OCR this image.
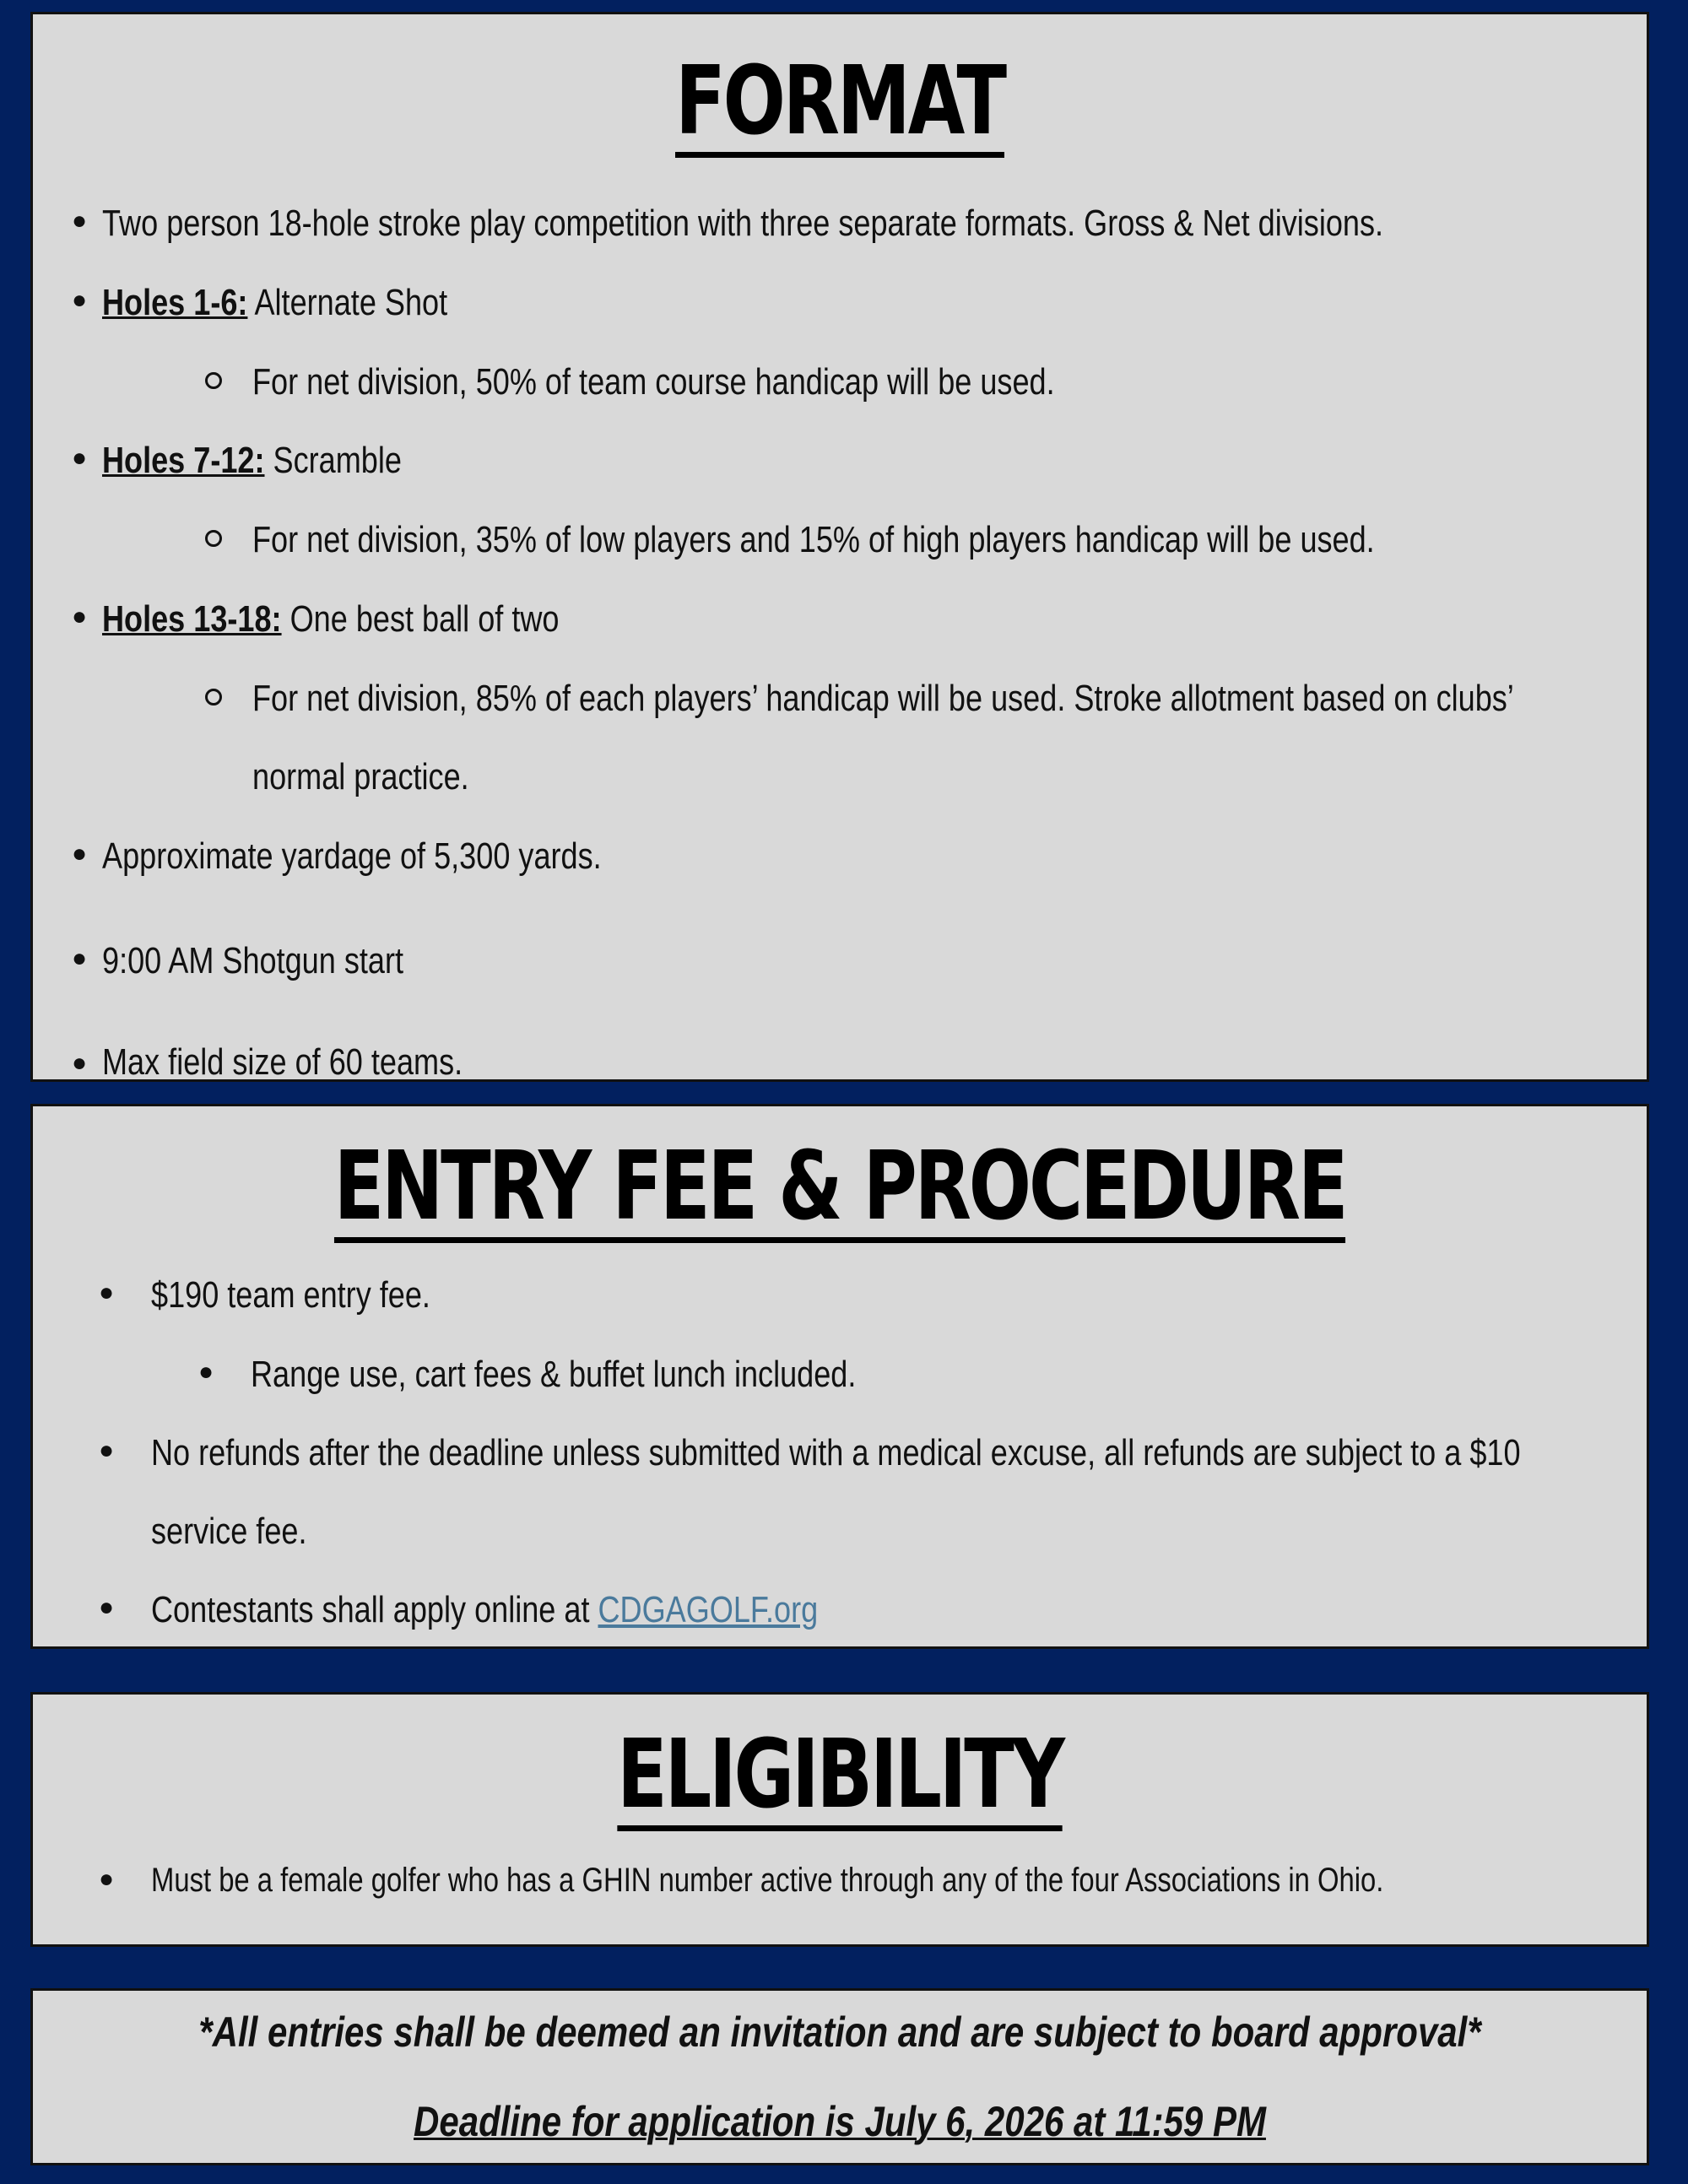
FORMAT
● Two person 18-hole stroke play competition with three separate formats. Gross & Net divisions.
● Holes 1-6: Alternate Shot
For net division, 50% of team course handicap will be used.
● Holes 7-12: Scramble
For net division, 35% of low players and 15% of high players handicap will be used.
● Holes 13-18: One best ball of two
For net division, 85% of each players’ handicap will be used. Stroke allotment based on clubs’
normal practice.
● Approximate yardage of 5,300 yards.
● 9:00 AM Shotgun start
● Max field size of 60 teams.
ENTRY FEE & PROCEDURE
● $190 team entry fee.
● Range use, cart fees & buffet lunch included.
● No refunds after the deadline unless submitted with a medical excuse, all refunds are subject to a $10
service fee.
● Contestants shall apply online at CDGAGOLF.org
ELIGIBILITY
● Must be a female golfer who has a GHIN number active through any of the four Associations in Ohio.
*All entries shall be deemed an invitation and are subject to board approval*
Deadline for application is July 6, 2026 at 11:59 PM
